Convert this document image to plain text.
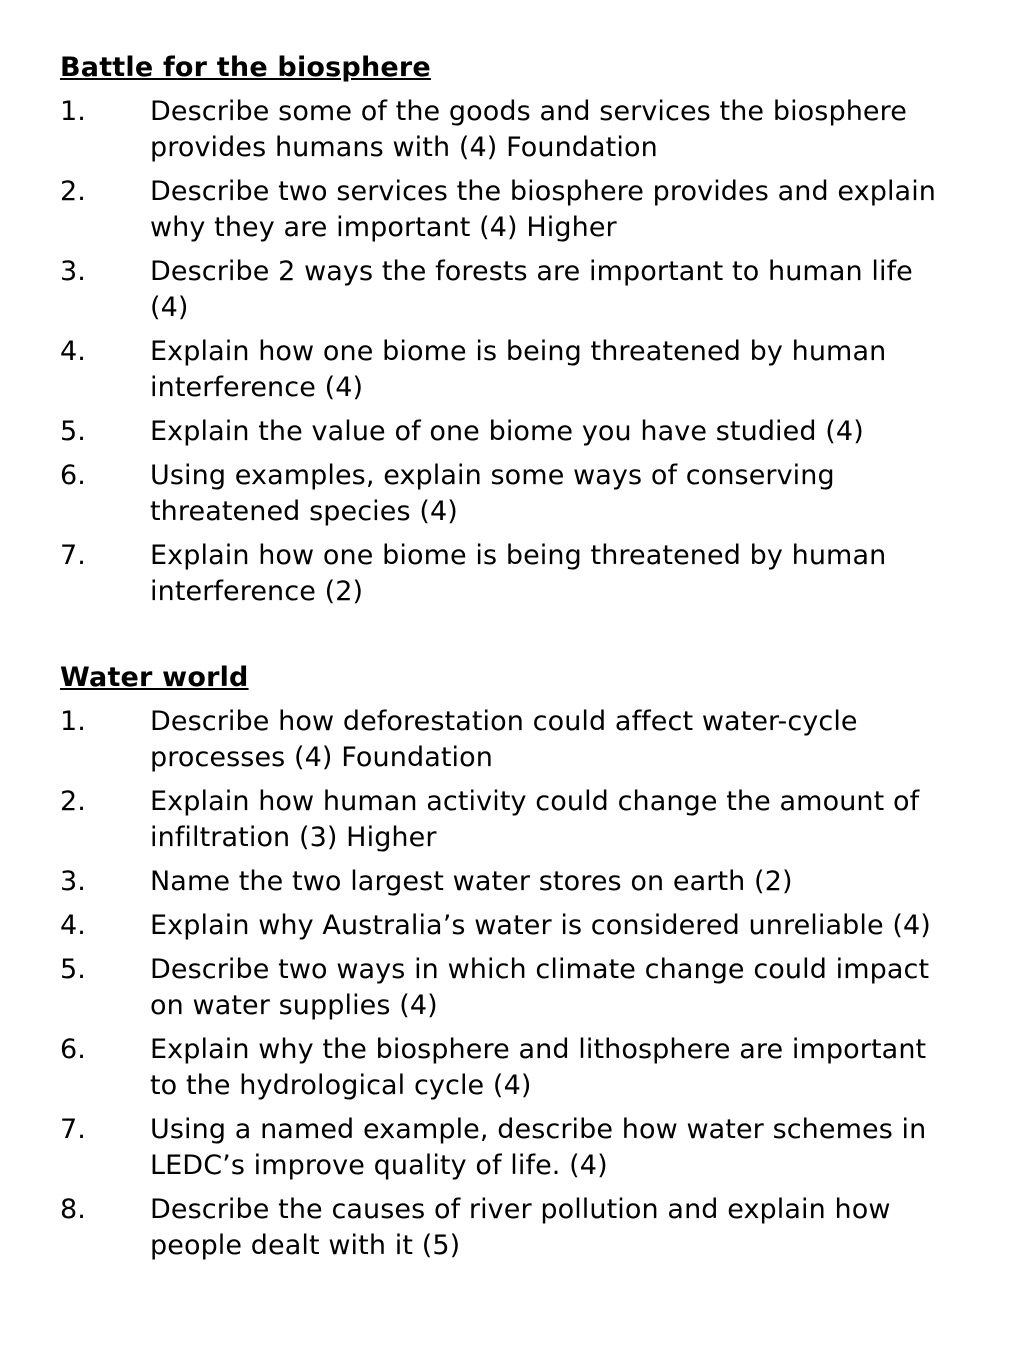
Battle for the biosphere
1.	Describe some of the goods and services the biosphere provides humans with (4) Foundation
2.	Describe two services the biosphere provides and explain why they are important (4) Higher
3.	Describe 2 ways the forests are important to human life (4)
4.	Explain how one biome is being threatened by human interference (4)
5.	Explain the value of one biome you have studied (4)
6.	Using examples, explain some ways of conserving threatened species (4)
7.	Explain how one biome is being threatened by human interference (2)
Water world
1.	Describe how deforestation could affect water-cycle processes (4) Foundation
2.	Explain how human activity could change the amount of infiltration (3) Higher
3.	Name the two largest water stores on earth (2)
4.	Explain why Australia’s water is considered unreliable (4)
5.	Describe two ways in which climate change could impact on water supplies (4)
6.	Explain why the biosphere and lithosphere are important to the hydrological cycle (4)
7.	Using a named example, describe how water schemes in LEDC’s improve quality of life. (4)
8.	Describe the causes of river pollution and explain how people dealt with it (5)
